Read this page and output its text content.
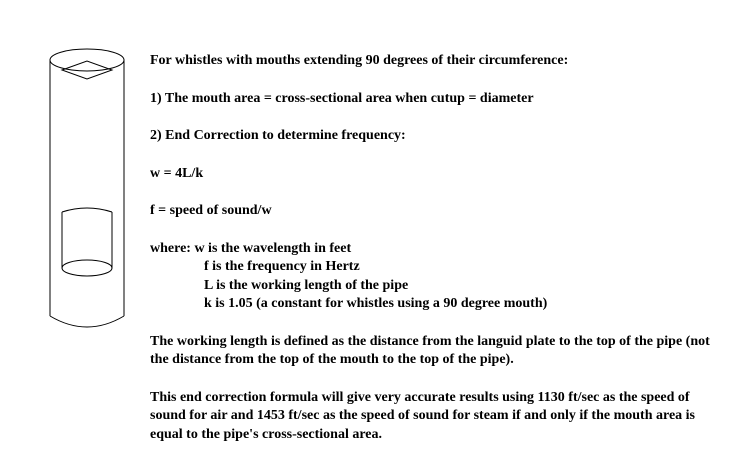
For whistles with mouths extending 90 degrees of their circumference:

1) The mouth area = cross-sectional area when cutup = diameter

2) End Correction to determine frequency:

w = 4L/k

f = speed of sound/w

where: w is the wavelength in feet

f is the frequency in Hertz

L is the working length of the pipe

k is 1.05 (a constant for whistles using a 90 degree mouth)

The working length is defined as the distance from the languid plate to the top of the pipe (not the distance from the top of the mouth to the top of the pipe).

This end correction formula will give very accurate results using 1130 ft/sec as the speed of sound for air and 1453 ft/sec as the speed of sound for steam if and only if the mouth area is equal to the pipe's cross-sectional area.
